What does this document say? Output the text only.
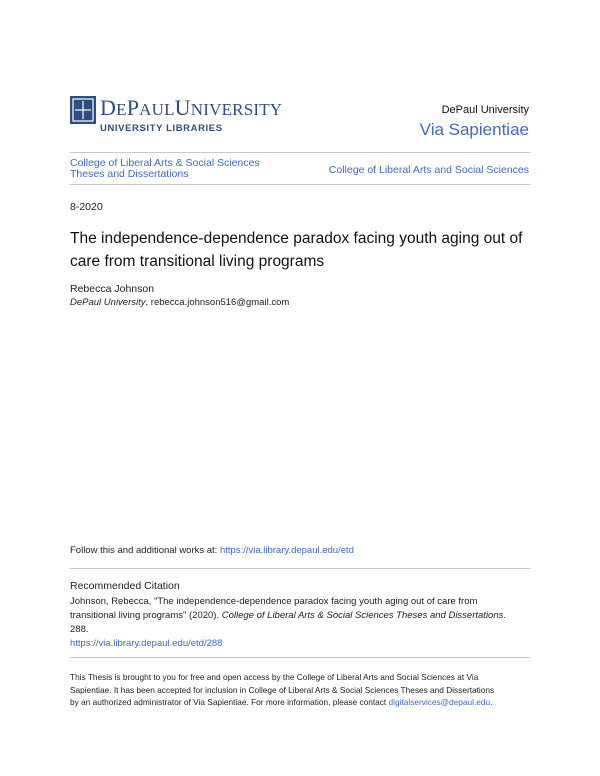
DEPAULUNIVERSITY
UNIVERSITY LIBRARIES
DePaul University
Via Sapientiae
College of Liberal Arts & Social Sciences
Theses and Dissertations	College of Liberal Arts and Social Sciences
8-2020
The independence-dependence paradox facing youth aging out of care from transitional living programs
Rebecca Johnson
DePaul University, rebecca.johnson516@gmail.com
Follow this and additional works at: https://via.library.depaul.edu/etd
Recommended Citation
Johnson, Rebecca, "The independence-dependence paradox facing youth aging out of care from
transitional living programs" (2020). College of Liberal Arts & Social Sciences Theses and Dissertations.
288.
https://via.library.depaul.edu/etd/288
This Thesis is brought to you for free and open access by the College of Liberal Arts and Social Sciences at Via
Sapientiae. It has been accepted for inclusion in College of Liberal Arts & Social Sciences Theses and Dissertations
by an authorized administrator of Via Sapientiae. For more information, please contact digitalservices@depaul.edu.
